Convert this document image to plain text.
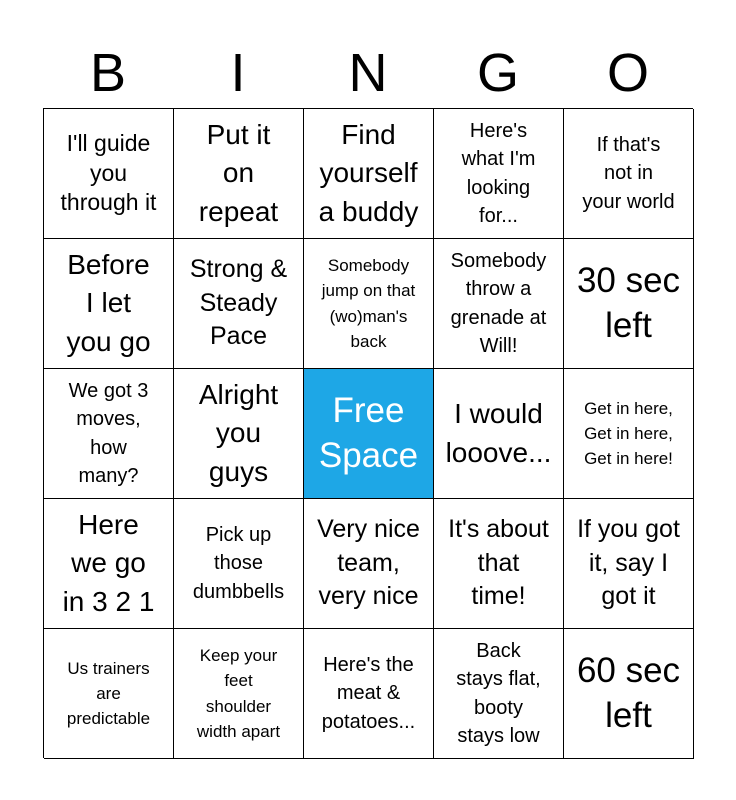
B	I	N	G	O
I'll guide
you
through it
Put it
on
repeat
Find
yourself
a buddy
Here's
what I'm
looking
for...
If that's
not in
your world
Before
I let
you go
Strong &
Steady
Pace
Somebody
jump on that
(wo)man's
back
Somebody
throw a
grenade at
Will!
30 sec
left
We got 3
moves,
how
many?
Alright
you
guys
Free
Space
I would
looove...
Get in here,
Get in here,
Get in here!
Here
we go
in 3 2 1
Pick up
those
dumbbells
Very nice
team,
very nice
It's about
that
time!
If you got
it, say I
got it
Us trainers
are
predictable
Keep your
feet
shoulder
width apart
Here's the
meat &
potatoes...
Back
stays flat,
booty
stays low
60 sec
left
